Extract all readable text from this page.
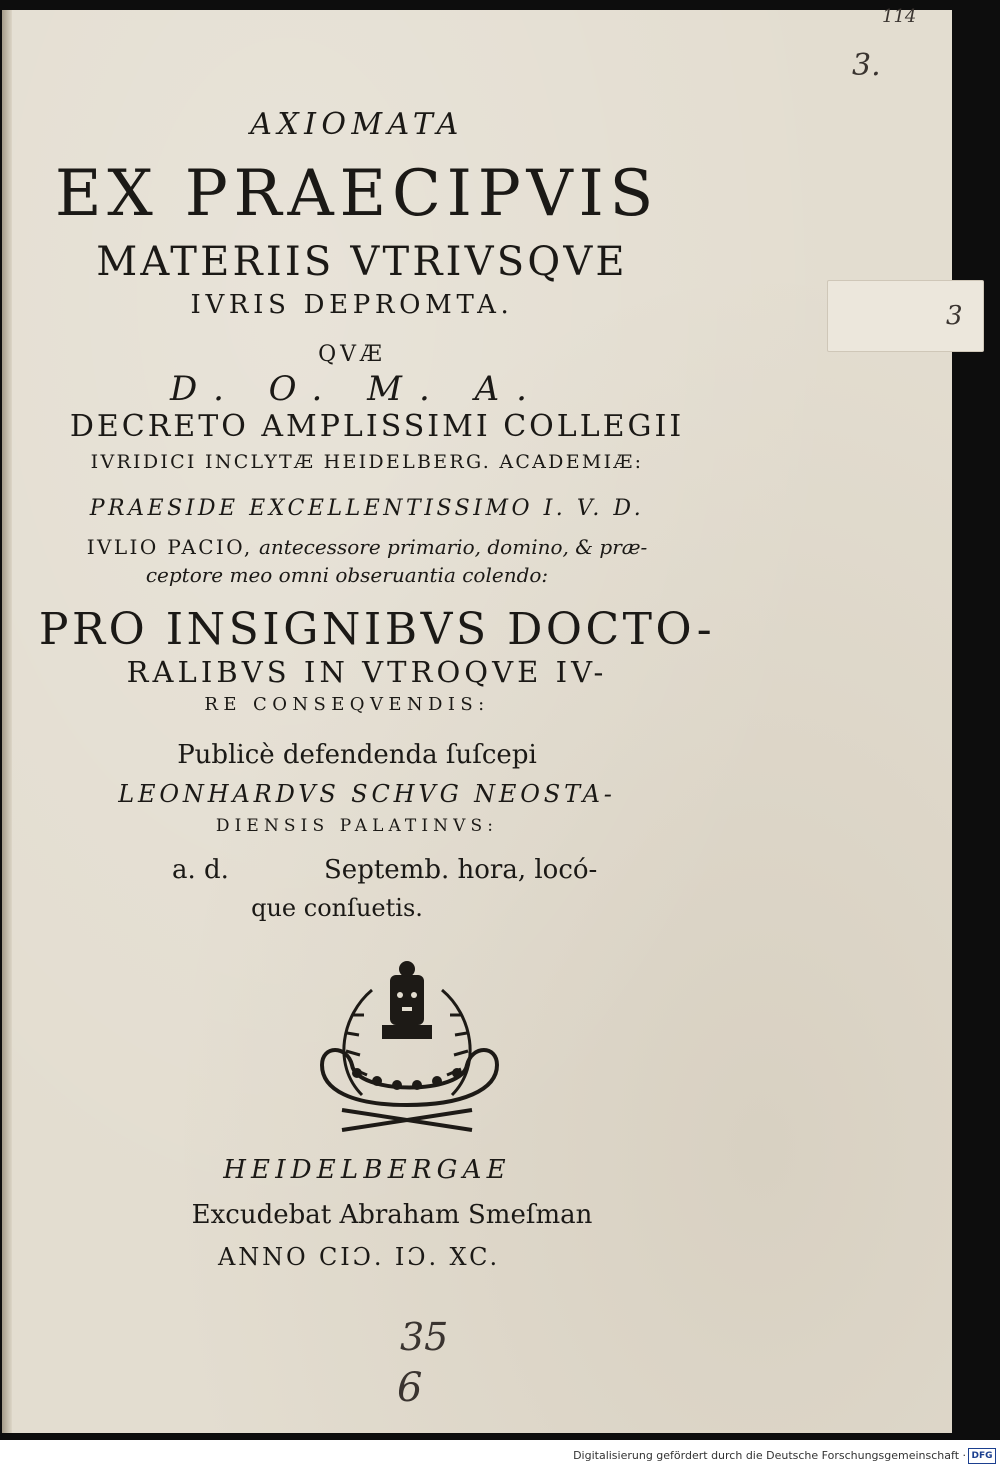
3
114
3.
AXIOMATA
EX PRAECIPVIS
MATERIIS VTRIVSQVE
IVRIS DEPROMTA.
QVÆ
D. O. M. A.
DECRETO AMPLISSIMI COLLEGII
IVRIDICI INCLYTÆ HEIDELBERG. ACADEMIÆ:
PRAESIDE EXCELLENTISSIMO I. V. D.
IVLIO PACIO, antecessore primario, domino, & præ-
ceptore meo omni obseruantia colendo:
PRO INSIGNIBVS DOCTO-
RALIBVS IN VTROQVE IV-
RE CONSEQVENDIS:
Publicè defendenda ſuſcepi
LEONHARDVS SCHVG NEOSTA-
DIENSIS PALATINVS:
a. d.	Septemb. hora, locó-
que conſuetis.
HEIDELBERGAE
Excudebat Abraham Smeſman
ANNO CIƆ. IƆ. XC.
35
6
Digitalisierung gefördert durch die Deutsche Forschungsgemeinschaft · DFG
